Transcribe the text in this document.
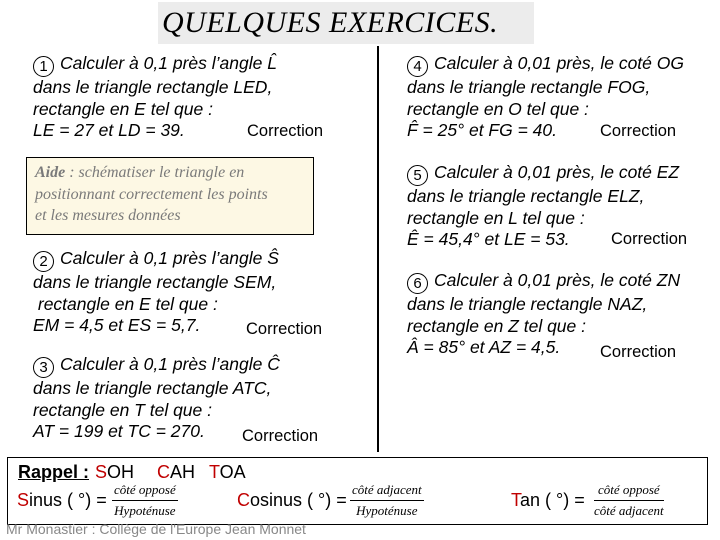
QUELQUES EXERCICES.
1 Calculer à 0,1 près l’angle L̂
dans le triangle rectangle LED,
rectangle en E tel que :
LE = 27 et LD = 39.	Correction
Aide : schématiser le triangle en
positionnant correctement les points
et les mesures données
2 Calculer à 0,1 près l’angle Ŝ
dans le triangle rectangle SEM,
rectangle en E tel que :
EM = 4,5 et ES = 5,7.	Correction
3 Calculer à 0,1 près l’angle Ĉ
dans le triangle rectangle ATC,
rectangle en T tel que :
AT = 199 et TC = 270.	Correction
4 Calculer à 0,01 près, le coté OG
dans le triangle rectangle FOG,
rectangle en O tel que :
F̂ = 25° et FG = 40.	Correction
5 Calculer à 0,01 près, le coté EZ
dans le triangle rectangle ELZ,
rectangle en L tel que :
Ê = 45,4° et LE = 53.	Correction
6 Calculer à 0,01 près, le coté ZN
dans le triangle rectangle NAZ,
rectangle en Z tel que :
Â = 85° et AZ = 4,5.	Correction
Rappel : SOH CAH TOA
Sinus ( °) =
côté opposé
Hypoténuse
Cosinus ( °) =
côté adjacent
Hypoténuse
Tan ( °) =
côté opposé
côté adjacent
Mr Monastier : Collège de l'Europe Jean Monnet
